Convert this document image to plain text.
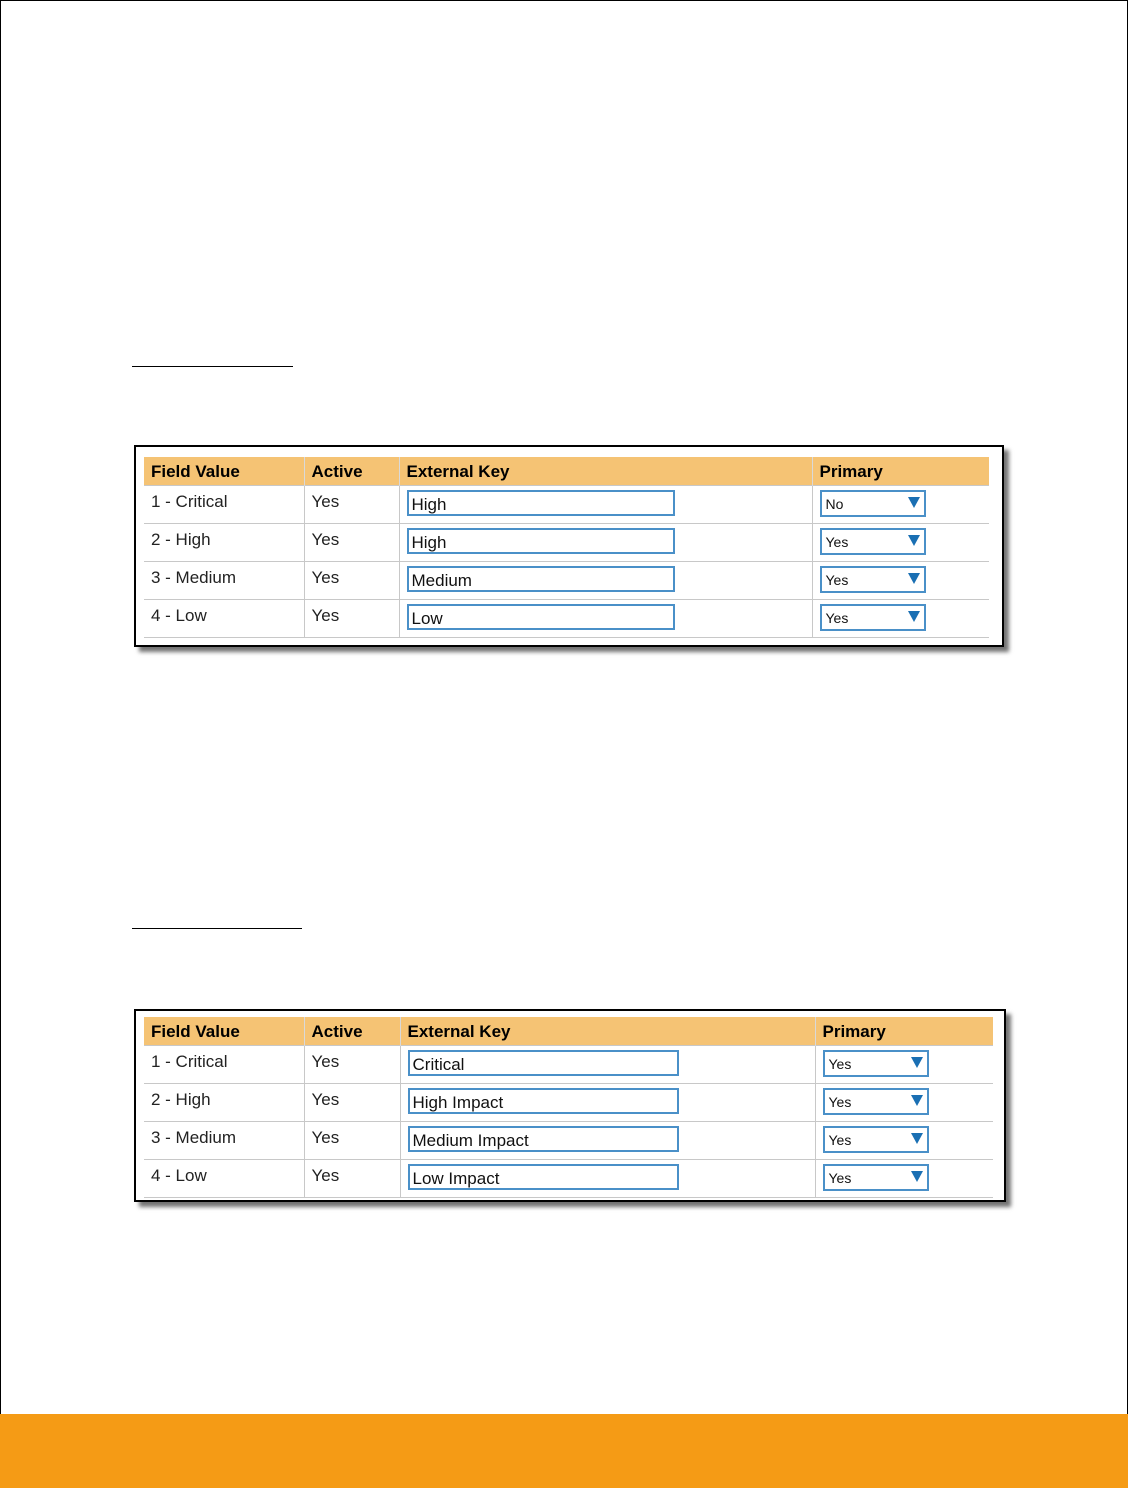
Field Value	Active	External Key	Primary

1 - Critical	Yes	High	No

2 - High	Yes	High	Yes

3 - Medium	Yes	Medium	Yes

4 - Low	Yes	Low	Yes
Field Value	Active	External Key	Primary

1 - Critical	Yes	Critical	Yes

2 - High	Yes	High Impact	Yes

3 - Medium	Yes	Medium Impact	Yes

4 - Low	Yes	Low Impact	Yes
